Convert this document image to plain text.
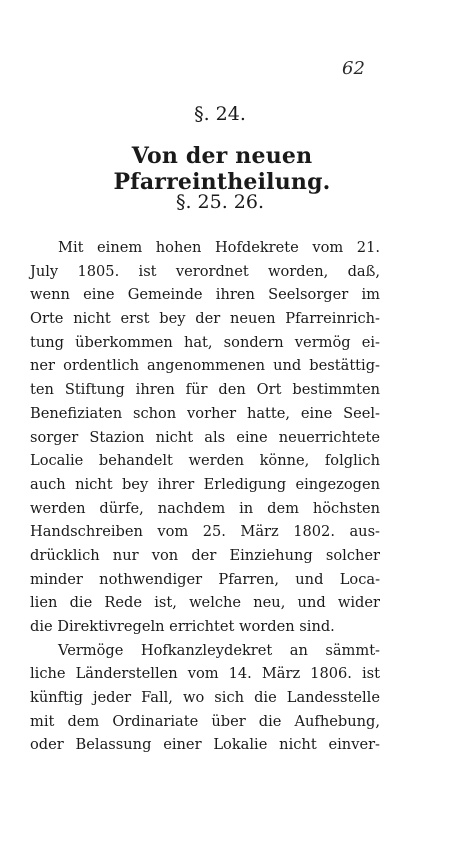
62
§. 24.
Von der neuen Pfarreintheilung.
§. 25. 26.
Mit einem hohen Hofdekrete vom 21.
July 1805. ist verordnet worden, daß,
wenn eine Gemeinde ihren Seelsorger im
Orte nicht erst bey der neuen Pfarreinrich-
tung überkommen hat, sondern vermög ei-
ner ordentlich angenommenen und bestättig-
ten Stiftung ihren für den Ort bestimmten
Benefiziaten schon vorher hatte, eine Seel-
sorger Stazion nicht als eine neuerrichtete
Localie behandelt werden könne, folglich
auch nicht bey ihrer Erledigung eingezogen
werden dürfe, nachdem in dem höchsten
Handschreiben vom 25. März 1802. aus-
drücklich nur von der Einziehung solcher
minder nothwendiger Pfarren, und Loca-
lien die Rede ist, welche neu, und wider
die Direktivregeln errichtet worden sind.
Vermöge Hofkanzleydekret an sämmt-
liche Länderstellen vom 14. März 1806. ist
künftig jeder Fall, wo sich die Landesstelle
mit dem Ordinariate über die Aufhebung,
oder Belassung einer Lokalie nicht einver-
